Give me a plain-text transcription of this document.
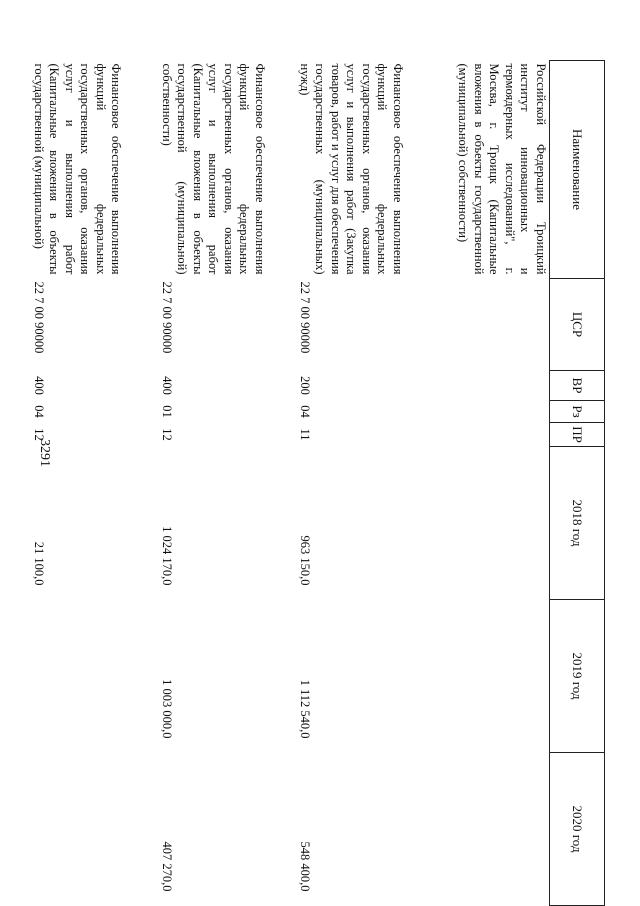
3291
Наименование	ЦСР	ВР	Рз	ПР	2018 год	2019 год	2020 год
Российской Федерации Троицкий институт инновационных и термоядерных исследований", г. Москва, г. Троицк (Капитальные вложения в объекты государственной (муниципальной) собственности)							
Финансовое обеспечение выполнения функций федеральных государственных органов, оказания услуг и выполнения работ (Закупка товаров, работ и услуг для обеспечения государственных (муниципальных) нужд)	22 7 00 90000	200	04	11	963 150,0	1 112 540,0	548 400,0
Финансовое обеспечение выполнения функций федеральных государственных органов, оказания услуг и выполнения работ (Капитальные вложения в объекты государственной (муниципальной) собственности)	22 7 00 90000	400	01	12	1 024 170,0	1 003 000,0	407 270,0
Финансовое обеспечение выполнения функций федеральных государственных органов, оказания услуг и выполнения работ (Капитальные вложения в объекты государственной (муниципальной)	22 7 00 90000	400	04	12	21 100,0		
